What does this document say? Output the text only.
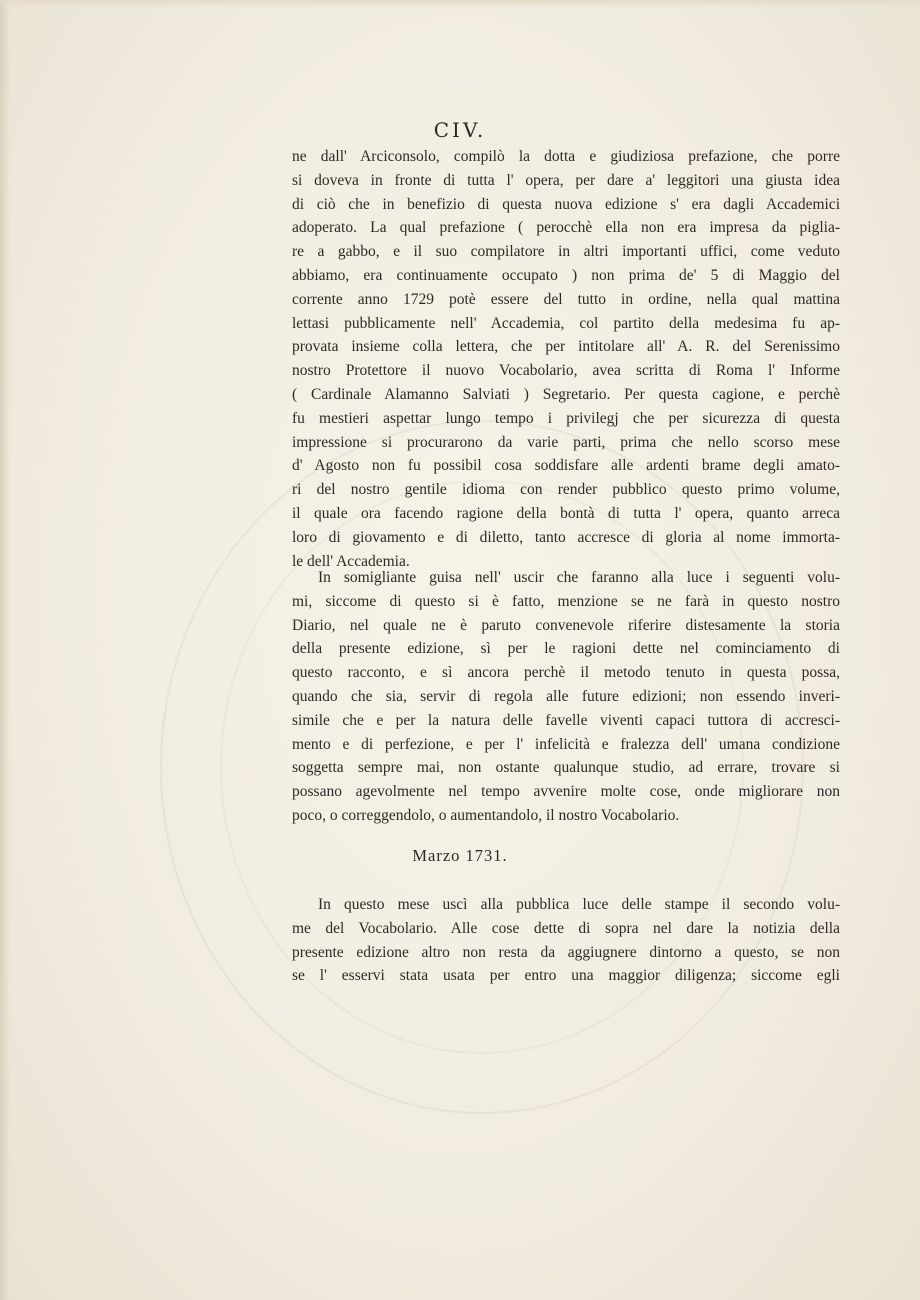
CIV.
ne dall' Arciconsolo, compilò la dotta e giudiziosa prefazione, che porre
si doveva in fronte di tutta l' opera, per dare a' leggitori una giusta idea
di ciò che in benefizio di questa nuova edizione s' era dagli Accademici
adoperato. La qual prefazione ( perocchè ella non era impresa da piglia-
re a gabbo, e il suo compilatore in altri importanti uffici, come veduto
abbiamo, era continuamente occupato ) non prima de' 5 di Maggio del
corrente anno 1729 potè essere del tutto in ordine, nella qual mattina
lettasi pubblicamente nell' Accademia, col partito della medesima fu ap-
provata insieme colla lettera, che per intitolare all' A. R. del Serenissimo
nostro Protettore il nuovo Vocabolario, avea scritta di Roma l' Informe
( Cardinale Alamanno Salviati ) Segretario. Per questa cagione, e perchè
fu mestieri aspettar lungo tempo i privilegj che per sicurezza di questa
impressione si procurarono da varie parti, prima che nello scorso mese
d' Agosto non fu possibil cosa soddisfare alle ardenti brame degli amato-
ri del nostro gentile idioma con render pubblico questo primo volume,
il quale ora facendo ragione della bontà di tutta l' opera, quanto arreca
loro di giovamento e di diletto, tanto accresce di gloria al nome immorta-
le dell' Accademia.
In somigliante guisa nell' uscir che faranno alla luce i seguenti volu-
mi, siccome di questo si è fatto, menzione se ne farà in questo nostro
Diario, nel quale ne è paruto convenevole riferire distesamente la storia
della presente edizione, sì per le ragioni dette nel cominciamento di
questo racconto, e sì ancora perchè il metodo tenuto in questa possa,
quando che sia, servir di regola alle future edizioni; non essendo inveri-
simile che e per la natura delle favelle viventi capaci tuttora di accresci-
mento e di perfezione, e per l' infelicità e fralezza dell' umana condizione
soggetta sempre mai, non ostante qualunque studio, ad errare, trovare si
possano agevolmente nel tempo avvenire molte cose, onde migliorare non
poco, o correggendolo, o aumentandolo, il nostro Vocabolario.
Marzo 1731.
In questo mese uscì alla pubblica luce delle stampe il secondo volu-
me del Vocabolario. Alle cose dette di sopra nel dare la notizia della
presente edizione altro non resta da aggiugnere dintorno a questo, se non
se l' esservi stata usata per entro una maggior diligenza; siccome egli
